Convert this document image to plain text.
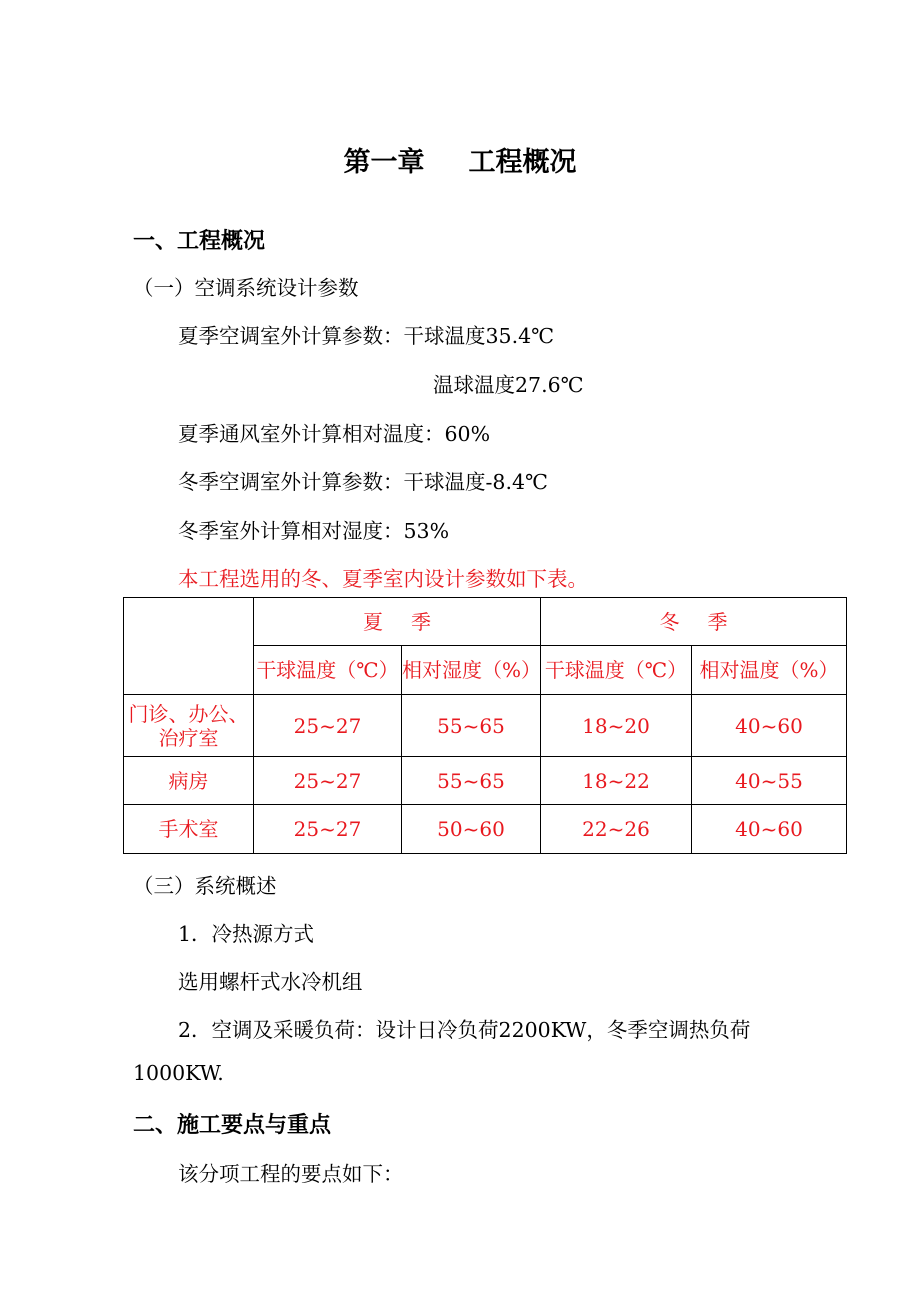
第一章 工程概况
一、工程概况
（一）空调系统设计参数
夏季空调室外计算参数：干球温度35.4℃
温球温度27.6℃
夏季通风室外计算相对温度：60%
冬季空调室外计算参数：干球温度-8.4℃
冬季室外计算相对湿度：53%
本工程选用的冬、夏季室内设计参数如下表。
	夏 季		冬 季	
	干球温度（℃）	相对湿度（%）	干球温度（℃）	相对温度（%）
门诊、办公、
治疗室	25~27	55~65	18~20	40~60
病房	25~27	55~65	18~22	40~55
手术室	25~27	50~60	22~26	40~60
（三）系统概述
1．冷热源方式
选用螺杆式水冷机组
2．空调及采暖负荷：设计日冷负荷2200KW，冬季空调热负荷
1000KW.
二、施工要点与重点
该分项工程的要点如下：
